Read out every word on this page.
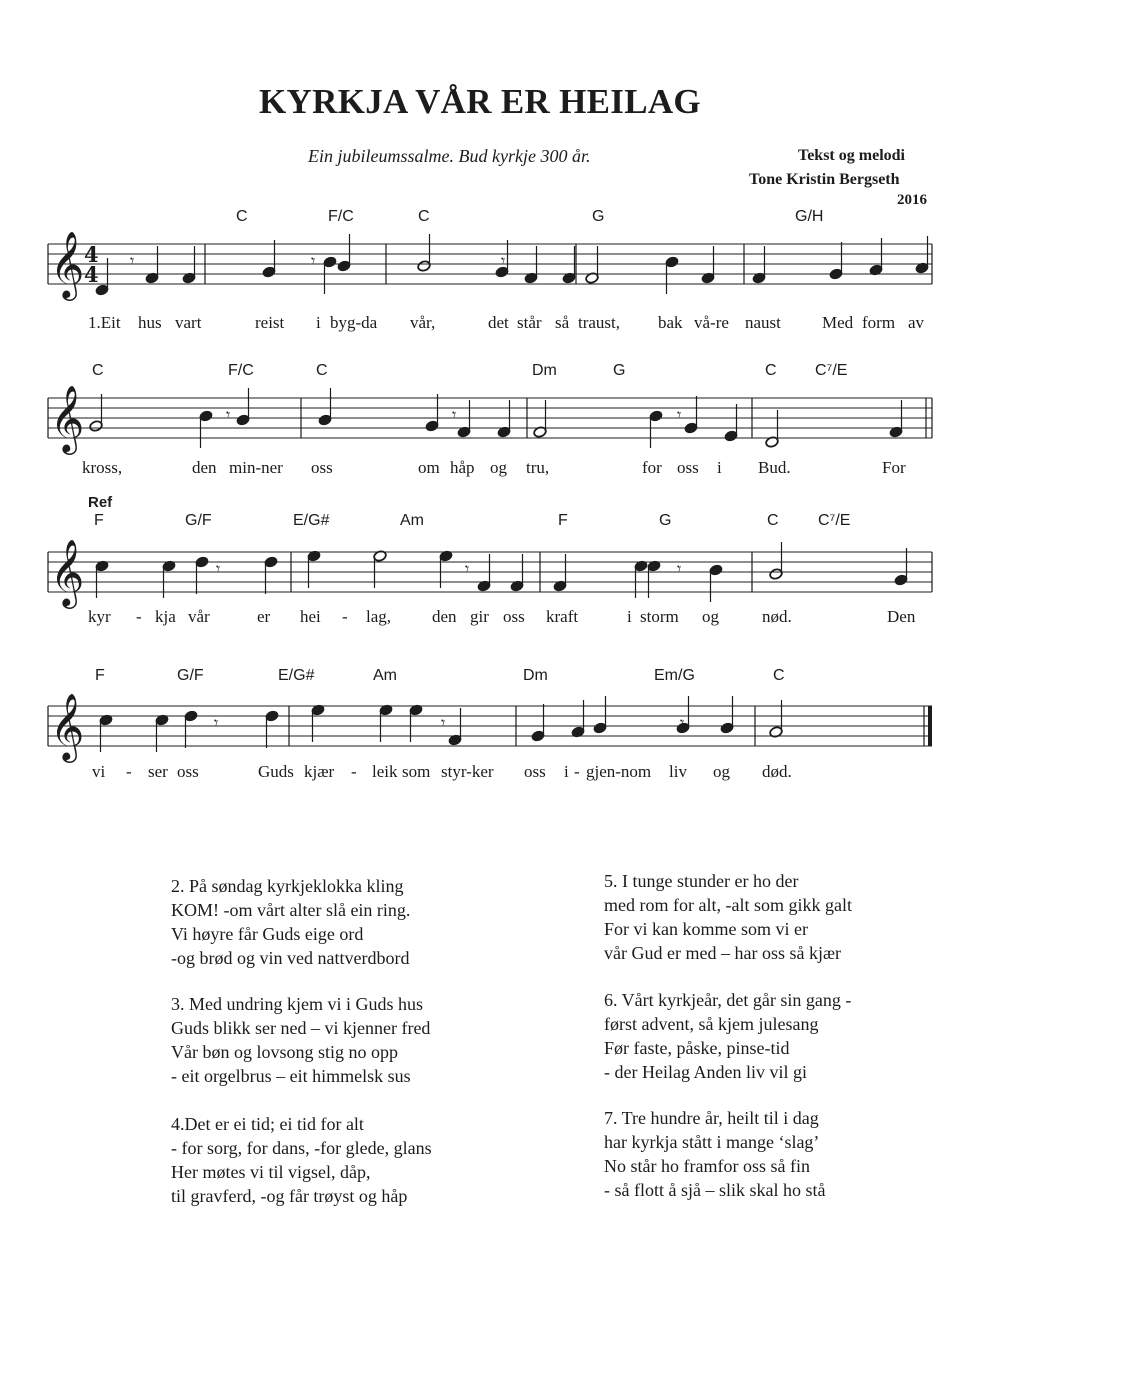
KYRKJA VÅR ER HEILAG
Ein jubileumssalme. Bud kyrkje 300 år.	Tekst og melodi
Tone Kristin Bergseth
2016
𝄞 4
4
𝄾	𝄾	𝄾	𝄾
𝄞	𝄾	𝄾	𝄾
𝄞	𝄾	𝄾	𝄾
𝄞	𝄾	𝄾	𝄾
C	F/C	C	G	G/H
1.Eit hus vart	reist i byg-da vår,	det står så traust, bak vå-re naust Med form av
C	F/C	C	Dm	G	C C⁷/E
kross,	den min-ner oss	om håp og tru,	for oss i Bud.	For
F	G/F	E/G#	Am	F	G	C C⁷/E
kyr - kja vår	er hei - lag, den gir oss kraft	i storm og	nød.	Den
Ref
F	G/F	E/G#	Am	Dm	Em/G	C
vi - ser oss	Guds kjær - leik som styr-ker oss i - gjen-nom liv og død.
2. På søndag kyrkjeklokka kling
KOM! -om vårt alter slå ein ring.
Vi høyre får Guds eige ord
-og brød og vin ved nattverdbord
3. Med undring kjem vi i Guds hus
Guds blikk ser ned – vi kjenner fred
Vår bøn og lovsong stig no opp
- eit orgelbrus – eit himmelsk sus
4.Det er ei tid; ei tid for alt
- for sorg, for dans, -for glede, glans
Her møtes vi til vigsel, dåp,
til gravferd, -og får trøyst og håp
5. I tunge stunder er ho der
med rom for alt, -alt som gikk galt
For vi kan komme som vi er
vår Gud er med – har oss så kjær
6. Vårt kyrkjeår, det går sin gang -
først advent, så kjem julesang
Før faste, påske, pinse-tid
- der Heilag Anden liv vil gi
7. Tre hundre år, heilt til i dag
har kyrkja stått i mange ‘slag’
No står ho framfor oss så fin
- så flott å sjå – slik skal ho stå
